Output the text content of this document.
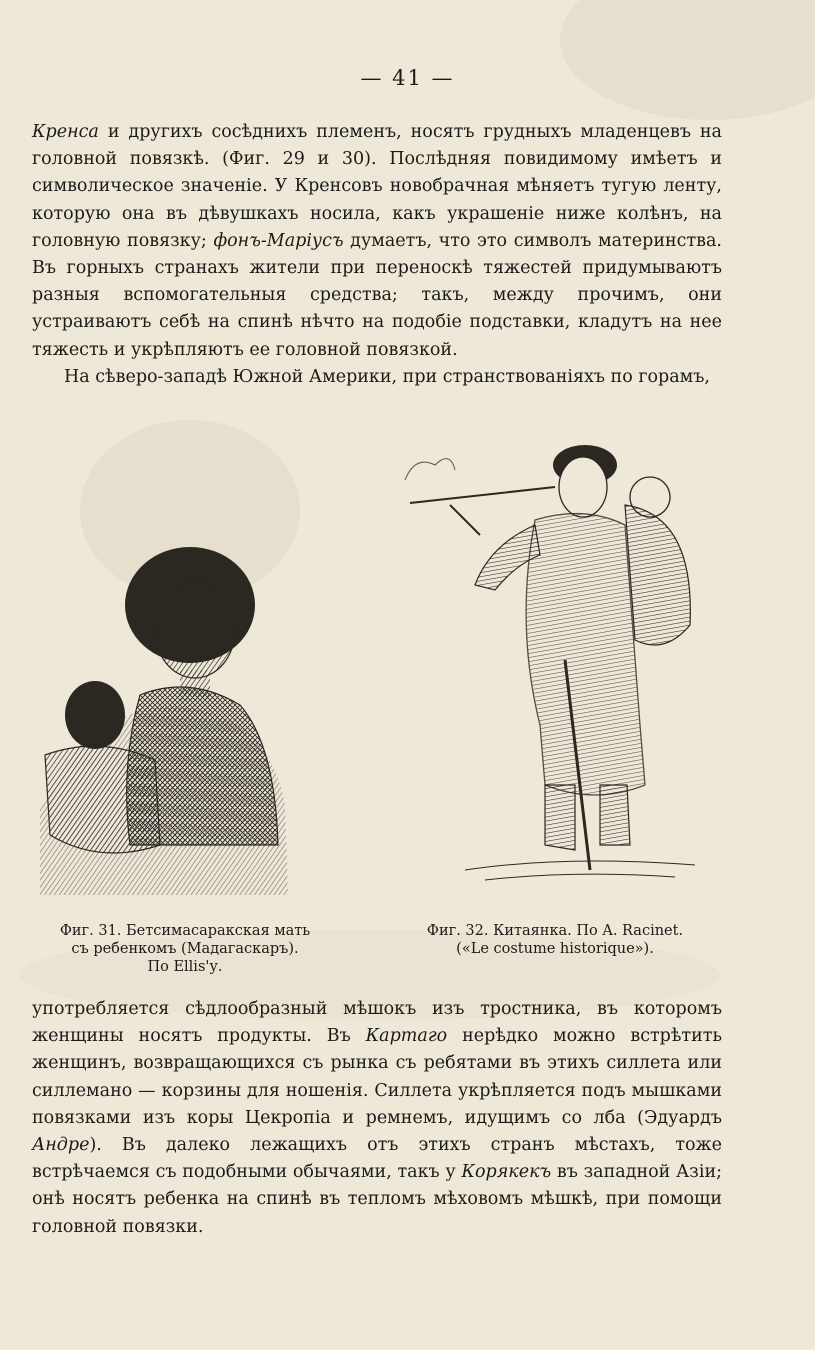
— 41 —

Кренса и другихъ сосѣднихъ племенъ, носятъ грудныхъ младенцевъ на головной повязкѣ. (Фиг. 29 и 30). Послѣдняя повидимому имѣетъ и символическое значеніе. У Кренсовъ новобрачная мѣняетъ тугую ленту, которую она въ дѣвушкахъ носила, какъ украшеніе ниже колѣнъ, на головную повязку; фонъ-Маріусъ думаетъ, что это символъ материнства. Въ горныхъ странахъ жители при переноскѣ тяжестей придумываютъ разныя вспомогательныя средства; такъ, между прочимъ, они устраиваютъ себѣ на спинѣ нѣчто на подобіе подставки, кладутъ на нее тяжесть и укрѣпляютъ ее головной повязкой.

На сѣверо-западѣ Южной Америки, при странствованіяхъ по горамъ,

Фиг. 31. Бетсимасаракская мать
съ ребенкомъ (Мадагаскаръ).
По Ellis'у.
Фиг. 32. Китаянка. По A. Racinet.
(«Le costume historique»).

употребляется сѣдлообразный мѣшокъ изъ тростника, въ которомъ женщины носятъ продукты. Въ Картаго нерѣдко можно встрѣтить женщинъ, возвращающихся съ рынка съ ребятами въ этихъ силлета или силлемано — корзины для ношенія. Силлета укрѣпляется подъ мышками повязками изъ коры Цекропіа и ремнемъ, идущимъ со лба (Эдуардъ Андре). Въ далеко лежащихъ отъ этихъ странъ мѣстахъ, тоже встрѣчаемся съ подобными обычаями, такъ у Корякекъ въ западной Азіи; онѣ носятъ ребенка на спинѣ въ тепломъ мѣховомъ мѣшкѣ, при помощи головной повязки.
